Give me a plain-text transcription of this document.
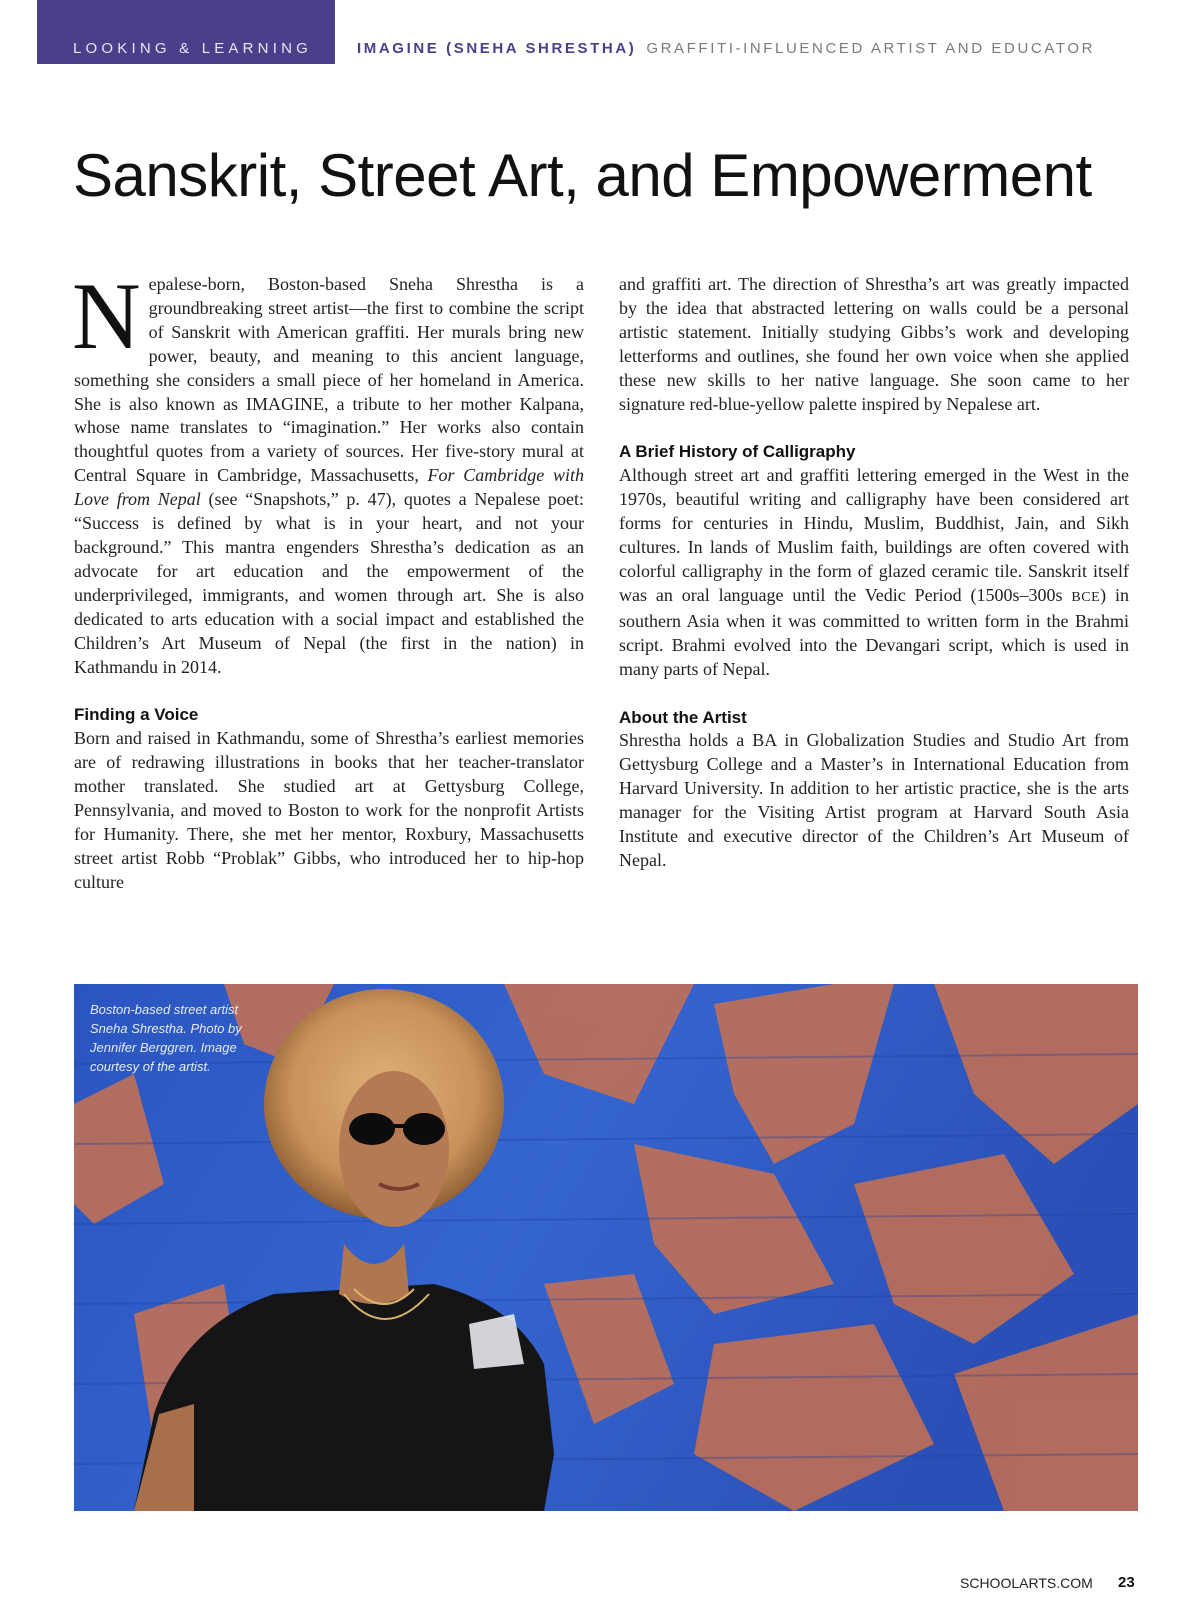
LOOKING & LEARNING	IMAGINE (SNEHA SHRESTHA) GRAFFITI-INFLUENCED ARTIST AND EDUCATOR
Sanskrit, Street Art, and Empowerment

Nepalese-born, Boston-based Sneha Shrestha is a groundbreaking street artist—the first to combine the script of Sanskrit with American graffiti. Her murals bring new power, beauty, and meaning to this ancient language, something she considers a small piece of her homeland in America. She is also known as IMAGINE, a tribute to her mother Kalpana, whose name translates to “imagination.” Her works also contain thoughtful quotes from a variety of sources. Her five-story mural at Central Square in Cambridge, Massachusetts, For Cambridge with Love from Nepal (see “Snapshots,” p. 47), quotes a Nepalese poet: “Success is defined by what is in your heart, and not your background.” This mantra engenders Shrestha’s dedication as an advocate for art education and the empowerment of the underprivileged, immigrants, and women through art. She is also dedicated to arts education with a social impact and established the Children’s Art Museum of Nepal (the first in the nation) in Kathmandu in 2014.

Finding a Voice

Born and raised in Kathmandu, some of Shrestha’s earliest memories are of redrawing illustrations in books that her teacher-translator mother translated. She studied art at Gettysburg College, Pennsylvania, and moved to Boston to work for the nonprofit Artists for Humanity. There, she met her mentor, Roxbury, Massachusetts street artist Robb “Problak” Gibbs, who introduced her to hip-hop culture

and graffiti art. The direction of Shrestha’s art was greatly impacted by the idea that abstracted lettering on walls could be a personal artistic statement. Initially studying Gibbs’s work and developing letterforms and outlines, she found her own voice when she applied these new skills to her native language. She soon came to her signature red-blue-yellow palette inspired by Nepalese art.

A Brief History of Calligraphy

Although street art and graffiti lettering emerged in the West in the 1970s, beautiful writing and calligraphy have been considered art forms for centuries in Hindu, Muslim, Buddhist, Jain, and Sikh cultures. In lands of Muslim faith, buildings are often covered with colorful calligraphy in the form of glazed ceramic tile. Sanskrit itself was an oral language until the Vedic Period (1500s–300s BCE) in southern Asia when it was committed to written form in the Brahmi script. Brahmi evolved into the Devangari script, which is used in many parts of Nepal.

About the Artist

Shrestha holds a BA in Globalization Studies and Studio Art from Gettysburg College and a Master’s in International Education from Harvard University. In addition to her artistic practice, she is the arts manager for the Visiting Artist program at Harvard South Asia Institute and executive director of the Children’s Art Museum of Nepal.

Boston-based street artist Sneha Shrestha. Photo by Jennifer Berggren. Image courtesy of the artist.
SCHOOLARTS.COM 23
